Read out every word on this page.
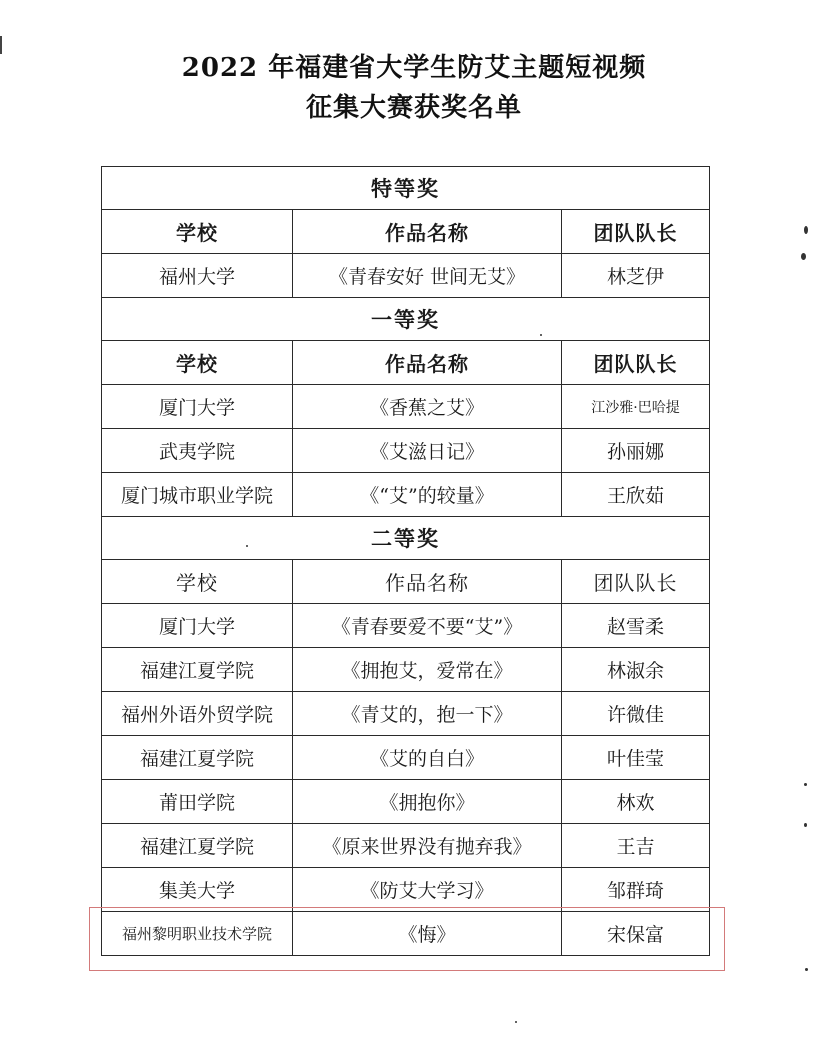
2022 年福建省大学生防艾主题短视频
征集大赛获奖名单
特等奖		
学校	作品名称	团队队长
福州大学	《青春安好 世间无艾》	林芝伊
一等奖		
学校	作品名称	团队队长
厦门大学	《香蕉之艾》	江沙雅·巴哈提
武夷学院	《艾滋日记》	孙丽娜
厦门城市职业学院	《“艾”的较量》	王欣茹
二等奖		
学校	作品名称	团队队长
厦门大学	《青春要爱不要“艾”》	赵雪柔
福建江夏学院	《拥抱艾，爱常在》	林淑余
福州外语外贸学院	《青艾的，抱一下》	许微佳
福建江夏学院	《艾的自白》	叶佳莹
莆田学院	《拥抱你》	林欢
福建江夏学院	《原来世界没有抛弃我》	王吉
集美大学	《防艾大学习》	邹群琦
福州黎明职业技术学院	《悔》	宋保富
